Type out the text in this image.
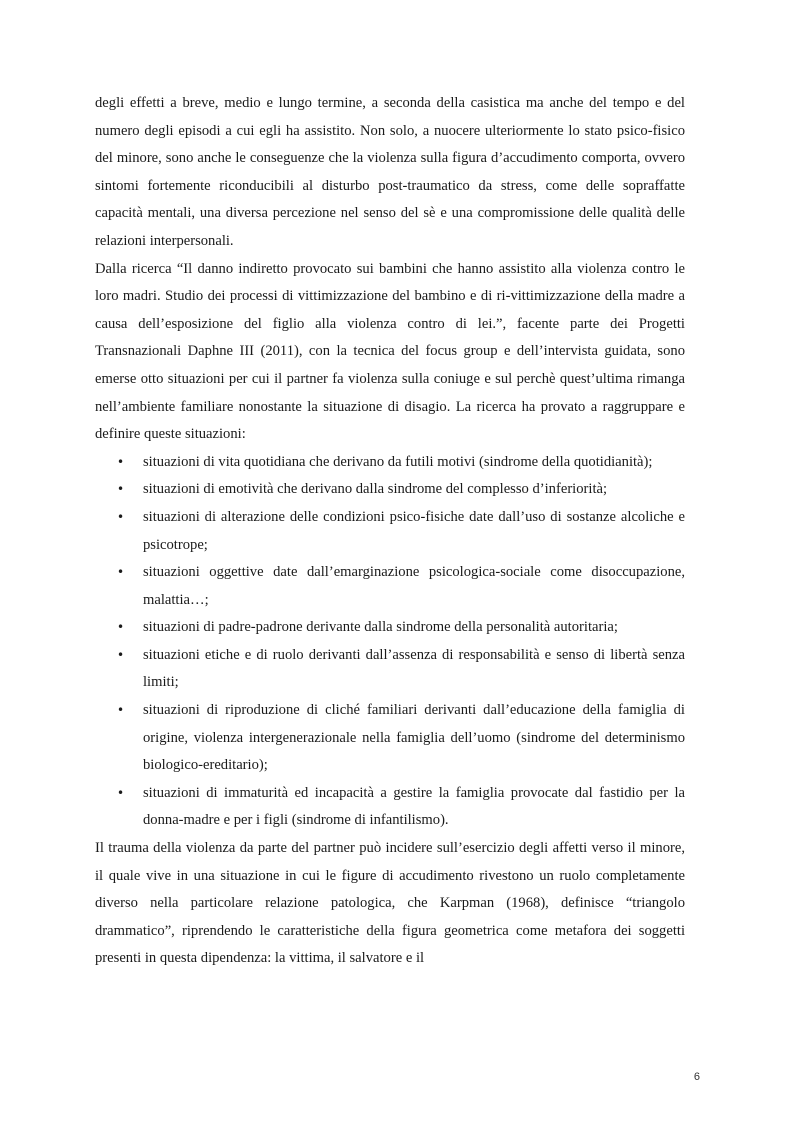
degli effetti a breve, medio e lungo termine, a seconda della casistica ma anche del tempo e del numero degli episodi a cui egli ha assistito. Non solo, a nuocere ulteriormente lo stato psico-fisico del minore, sono anche le conseguenze che la violenza sulla figura d’accudimento comporta, ovvero sintomi fortemente riconducibili al disturbo post-traumatico da stress, come delle sopraffatte capacità mentali, una diversa percezione nel senso del sè e una compromissione delle qualità delle relazioni interpersonali.

Dalla ricerca “Il danno indiretto provocato sui bambini che hanno assistito alla violenza contro le loro madri. Studio dei processi di vittimizzazione del bambino e di ri-vittimizzazione della madre a causa dell’esposizione del figlio alla violenza contro di lei.”, facente parte dei Progetti Transnazionali Daphne III (2011), con la tecnica del focus group e dell’intervista guidata, sono emerse otto situazioni per cui il partner fa violenza sulla coniuge e sul perchè quest’ultima rimanga nell’ambiente familiare nonostante la situazione di disagio. La ricerca ha provato a raggruppare e definire queste situazioni:

• situazioni di vita quotidiana che derivano da futili motivi (sindrome della quotidianità);
• situazioni di emotività che derivano dalla sindrome del complesso d’inferiorità;
• situazioni di alterazione delle condizioni psico-fisiche date dall’uso di sostanze alcoliche e psicotrope;
• situazioni oggettive date dall’emarginazione psicologica-sociale come disoccupazione, malattia…;
• situazioni di padre-padrone derivante dalla sindrome della personalità autoritaria;
• situazioni etiche e di ruolo derivanti dall’assenza di responsabilità e senso di libertà senza limiti;
• situazioni di riproduzione di cliché familiari derivanti dall’educazione della famiglia di origine, violenza intergenerazionale nella famiglia dell’uomo (sindrome del determinismo biologico-ereditario);
• situazioni di immaturità ed incapacità a gestire la famiglia provocate dal fastidio per la donna-madre e per i figli (sindrome di infantilismo).

Il trauma della violenza da parte del partner può incidere sull’esercizio degli affetti verso il minore, il quale vive in una situazione in cui le figure di accudimento rivestono un ruolo completamente diverso nella particolare relazione patologica, che Karpman (1968), definisce “triangolo drammatico”, riprendendo le caratteristiche della figura geometrica come metafora dei soggetti presenti in questa dipendenza: la vittima, il salvatore e il

6
